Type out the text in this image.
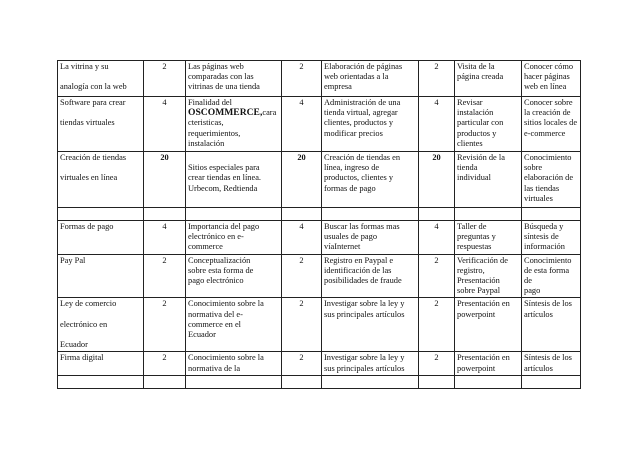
La vitrina y su
analogía con la web	2	Las páginas web
comparadas con las
vitrinas de una tienda	2	Elaboración de páginas
web orientadas a la
empresa	2	Visita de la
página creada	Conocer cómo
hacer páginas
web en línea

Software para crear
tiendas virtuales	4	Finalidad del
OSCOMMERCE,cara
cteristicas,
requerimientos,
instalación	4	Administración de una
tienda virtual, agregar
clientes, productos y
modificar precios	4	Revisar
instalación
particular con
productos y
clientes	Conocer sobre
la creación de
sitios locales de
e-commerce

Creación de tiendas
virtuales en línea	20	Sitios especiales para
crear tiendas en línea.
Urbecom, Redtienda	20	Creación de tiendas en
línea, ingreso de
productos, clientes y
formas de pago	20	Revisión de la
tienda
individual	Conocimiento
sobre
elaboración de
las tiendas
virtuales

Formas de pago	4	Importancia del pago
electrónico en e-
commerce	4	Buscar las formas mas
usuales de pago
víaInternet	4	Taller de
preguntas y
respuestas	Búsqueda y
síntesis de
información

Pay Pal	2	Conceptualización
sobre esta forma de
pago electrónico	2	Registro en Paypal e
identificación de las
posibilidades de fraude	2	Verificación de
registro,
Presentación
sobre Paypal	Conocimiento
de esta forma de
pago

Ley de comercio
electrónico en
Ecuador	2	Conocimiento sobre la
normativa del e-
commerce en el
Ecuador	2	Investigar sobre la ley y
sus principales artículos	2	Presentación en
powerpoint	Síntesis de los
artículos

Firma digital	2	Conocimiento sobre la
normativa de la	2	Investigar sobre la ley y
sus principales artículos	2	Presentación en
powerpoint	Síntesis de los
artículos
